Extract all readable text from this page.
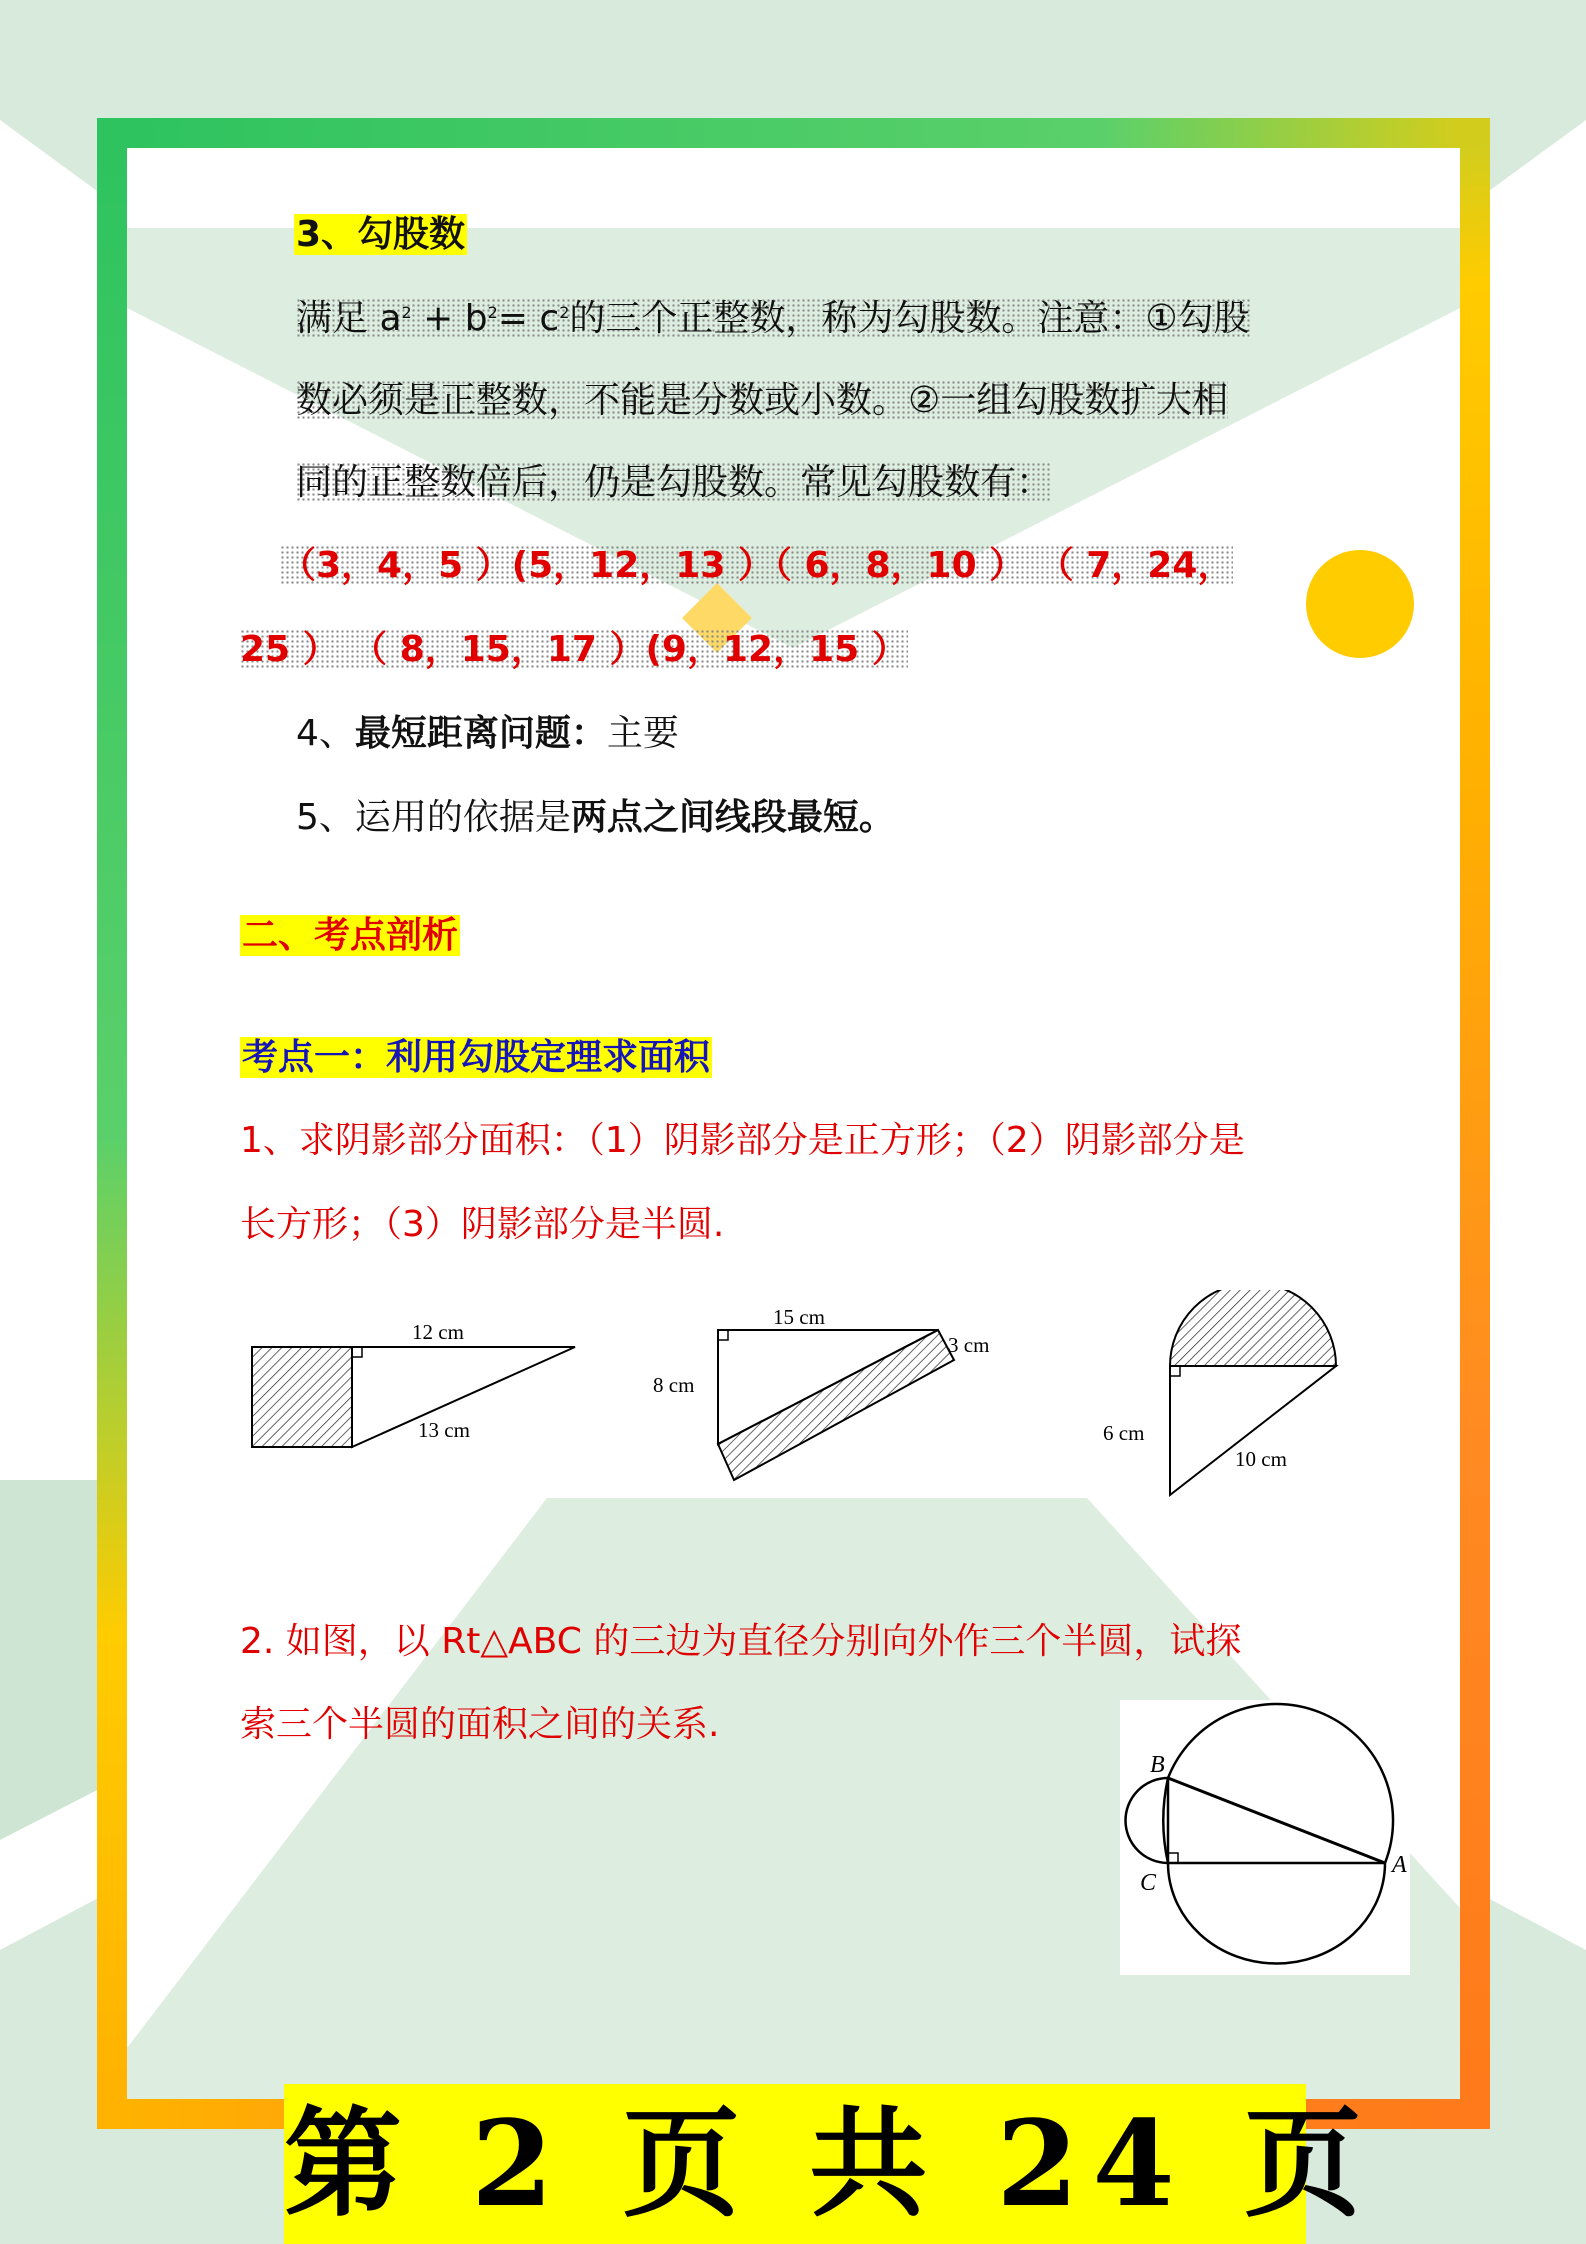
3、勾股数
满足 $a^2 + b^2= c^2$的三个正整数，称为勾股数。注意：①勾股
数必须是正整数，不能是分数或小数。②一组勾股数扩大相
同的正整数倍后，仍是勾股数。常见勾股数有：
（3，4，5 ）(5，12，13 ）（ 6，8，10 ） （ 7，24，
25 ） （ 8，15，17 ）(9，12，15 ）
4、最短距离问题：主要
5、运用的依据是两点之间线段最短。
二、考点剖析
考点一：利用勾股定理求面积
1、求阴影部分面积：（1）阴影部分是正方形；（2）阴影部分是
长方形；（3）阴影部分是半圆.
12 cm
13 cm
15 cm
3 cm
8 cm
6 cm
10 cm
2. 如图，以 Rt△ABC 的三边为直径分别向外作三个半圆，试探
索三个半圆的面积之间的关系.
B
C
A
第 2 页 共 24 页
